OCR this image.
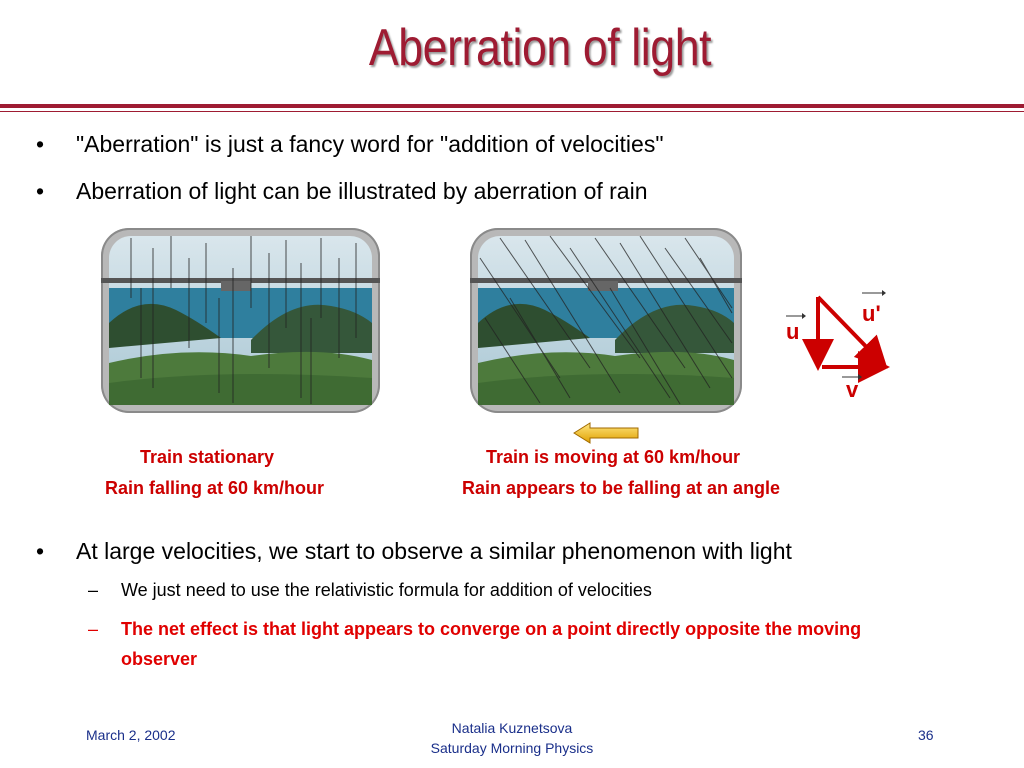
Aberration of light
• "Aberration" is just a fancy word for "addition of velocities"
• Aberration of light can be illustrated by aberration of rain
u
u'
v
Train stationary
Rain falling at 60 km/hour
Train is moving at 60 km/hour
Rain appears to be falling at an angle
• At large velocities, we start to observe a similar phenomenon with light
– We just need to use the relativistic formula for addition of velocities
– The net effect is that light appears to converge on a point directly opposite the moving observer
March 2, 2002	Natalia Kuznetsova
Saturday Morning Physics
36
